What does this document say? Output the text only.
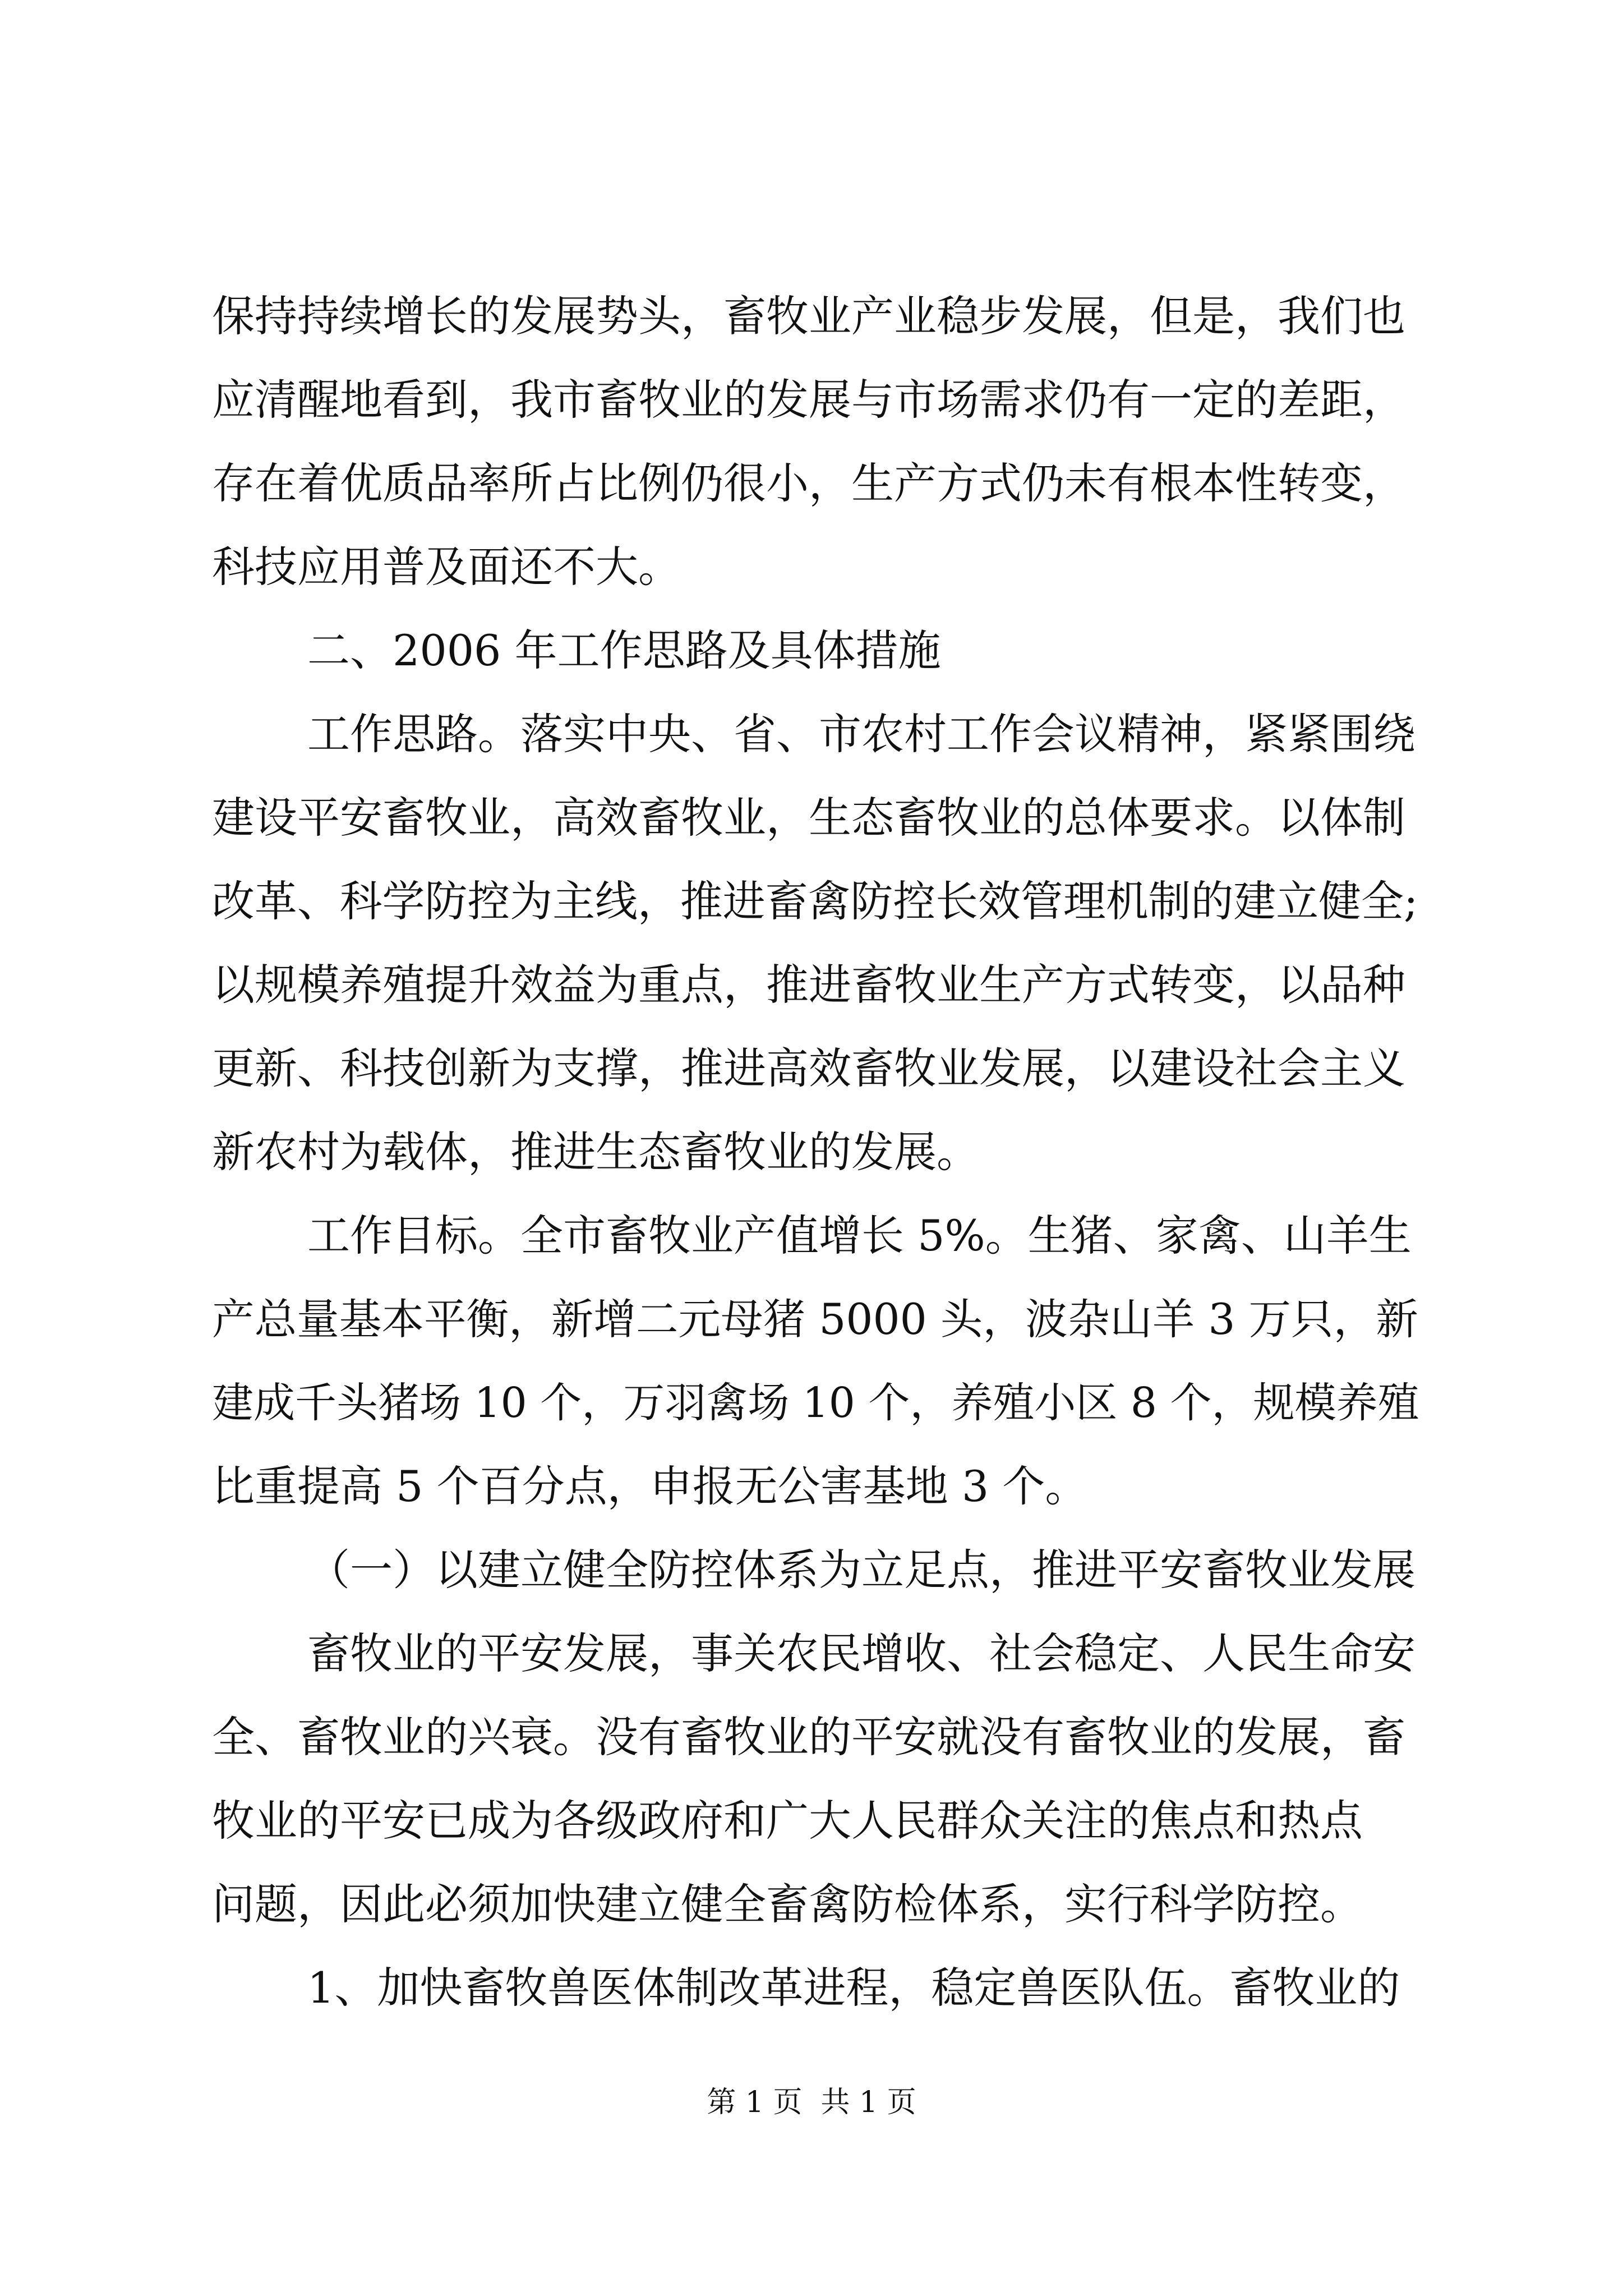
保持持续增长的发展势头，畜牧业产业稳步发展，但是，我们也
应清醒地看到，我市畜牧业的发展与市场需求仍有一定的差距，
存在着优质品率所占比例仍很小，生产方式仍未有根本性转变，
科技应用普及面还不大。
二、2006 年工作思路及具体措施
工作思路。落实中央、省、市农村工作会议精神，紧紧围绕
建设平安畜牧业，高效畜牧业，生态畜牧业的总体要求。以体制
改革、科学防控为主线，推进畜禽防控长效管理机制的建立健全;
以规模养殖提升效益为重点，推进畜牧业生产方式转变，以品种
更新、科技创新为支撑，推进高效畜牧业发展，以建设社会主义
新农村为载体，推进生态畜牧业的发展。
工作目标。全市畜牧业产值增长 5%。生猪、家禽、山羊生
产总量基本平衡，新增二元母猪 5000 头，波杂山羊 3 万只，新
建成千头猪场 10 个，万羽禽场 10 个，养殖小区 8 个，规模养殖
比重提高 5 个百分点，申报无公害基地 3 个。
（一）以建立健全防控体系为立足点，推进平安畜牧业发展
畜牧业的平安发展，事关农民增收、社会稳定、人民生命安
全、畜牧业的兴衰。没有畜牧业的平安就没有畜牧业的发展，畜
牧业的平安已成为各级政府和广大人民群众关注的焦点和热点
问题，因此必须加快建立健全畜禽防检体系，实行科学防控。
1、加快畜牧兽医体制改革进程，稳定兽医队伍。畜牧业的
第 1 页  共 1 页
